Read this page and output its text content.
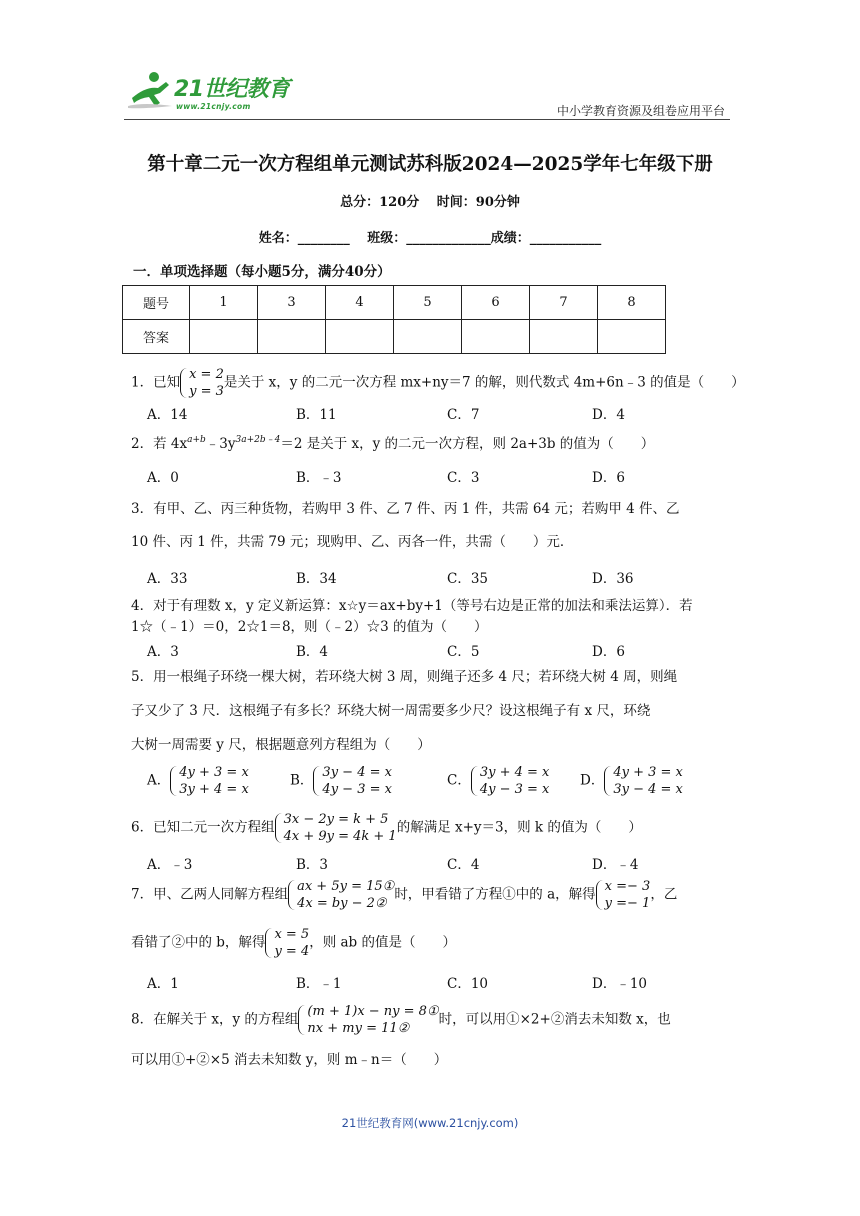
21世纪教育
www.21cnjy.com	中小学教育资源及组卷应用平台
第十章二元一次方程组单元测试苏科版2024—2025学年七年级下册
总分：120分　 时间：90分钟
姓名：________　 班级：_____________成绩：___________
一．单项选择题（每小题5分，满分40分）
题号	1	3	4	5	6	7	8
答案							
1．已知 x = 2
y = 3
是关于 x，y 的二元一次方程 mx+ny＝7 的解，则代数式 4m+6n﹣3 的值是（　　）
A．14	B．11	C．7	D．4
2．若 $4x^{a+b}﹣3y^{3a+2b﹣4}=2$ 是关于 x，y 的二元一次方程，则 2a+3b 的值为（　　）
A．0	B．﹣3	C．3	D．6
3．有甲、乙、丙三种货物，若购甲 3 件、乙 7 件、丙 1 件，共需 64 元；若购甲 4 件、乙
10 件、丙 1 件，共需 79 元；现购甲、乙、丙各一件，共需（　　）元．
A．33	B．34	C．35	D．36
4．对于有理数 x，y 定义新运算：x☆y＝ax+by+1（等号右边是正常的加法和乘法运算）．若
1☆（﹣1）＝0，2☆1＝8，则（﹣2）☆3 的值为（　　）
A．3	B．4	C．5	D．6
5．用一根绳子环绕一棵大树，若环绕大树 3 周，则绳子还多 4 尺；若环绕大树 4 周，则绳
子又少了 3 尺．这根绳子有多长？环绕大树一周需要多少尺？设这根绳子有 x 尺，环绕
大树一周需要 y 尺，根据题意列方程组为（　　）
A． 4y + 3 = x
3y + 4 = x
B． 3y − 4 = x
4y − 3 = x
C． 3y + 4 = x
4y − 3 = x
D． 4y + 3 = x
3y − 4 = x
6．已知二元一次方程组 3x − 2y = k + 5
4x + 9y = 4k + 1
的解满足 x+y＝3，则 k 的值为（　　）
A．﹣3	B．3	C．4	D．﹣4
7．甲、乙两人同解方程组 ax + 5y = 15①
4x = by − 2②
时，甲看错了方程①中的 a，解得 x =− 3
y =− 1
，乙
看错了②中的 b，解得 x = 5
y = 4
，则 ab 的值是（　　）
A．1	B．﹣1	C．10	D．﹣10
8．在解关于 x，y 的方程组 (m + 1)x − ny = 8①
nx + my = 11②
时，可以用①×2+②消去未知数 x，也
可以用①+②×5 消去未知数 y，则 m﹣n＝（　　）
21世纪教育网(www.21cnjy.com)
